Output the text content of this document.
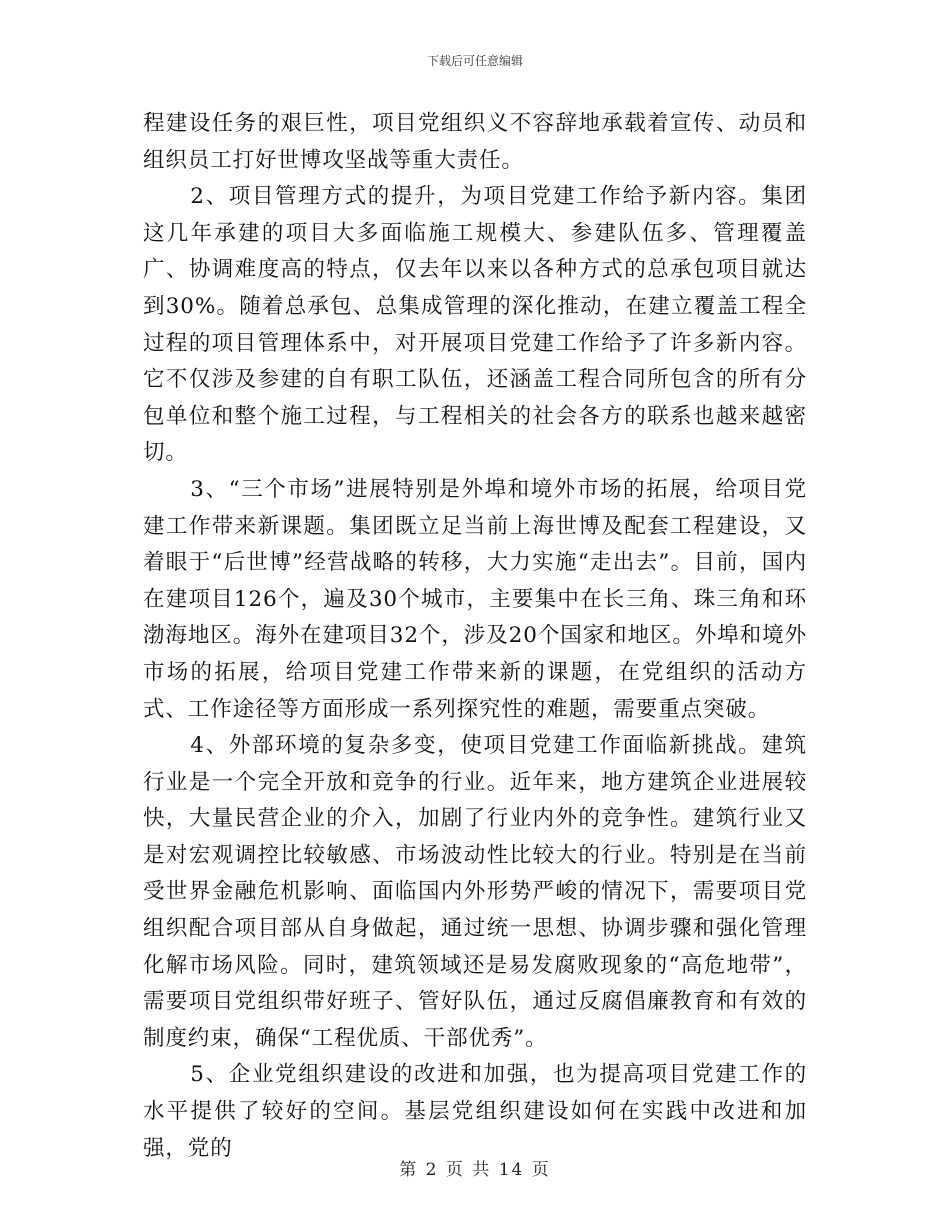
下载后可任意编辑

程建设任务的艰巨性，项目党组织义不容辞地承载着宣传、动员和组织员工打好世博攻坚战等重大责任。

2、项目管理方式的提升，为项目党建工作给予新内容。集团这几年承建的项目大多面临施工规模大、参建队伍多、管理覆盖广、协调难度高的特点，仅去年以来以各种方式的总承包项目就达到30%。随着总承包、总集成管理的深化推动，在建立覆盖工程全过程的项目管理体系中，对开展项目党建工作给予了许多新内容。它不仅涉及参建的自有职工队伍，还涵盖工程合同所包含的所有分包单位和整个施工过程，与工程相关的社会各方的联系也越来越密切。

3、“三个市场”进展特别是外埠和境外市场的拓展，给项目党建工作带来新课题。集团既立足当前上海世博及配套工程建设，又着眼于“后世博”经营战略的转移，大力实施“走出去”。目前，国内在建项目126个，遍及30个城市，主要集中在长三角、珠三角和环渤海地区。海外在建项目32个，涉及20个国家和地区。外埠和境外市场的拓展，给项目党建工作带来新的课题，在党组织的活动方式、工作途径等方面形成一系列探究性的难题，需要重点突破。

4、外部环境的复杂多变，使项目党建工作面临新挑战。建筑行业是一个完全开放和竞争的行业。近年来，地方建筑企业进展较快，大量民营企业的介入，加剧了行业内外的竞争性。建筑行业又是对宏观调控比较敏感、市场波动性比较大的行业。特别是在当前受世界金融危机影响、面临国内外形势严峻的情况下，需要项目党组织配合项目部从自身做起，通过统一思想、协调步骤和强化管理化解市场风险。同时，建筑领域还是易发腐败现象的“高危地带”，需要项目党组织带好班子、管好队伍，通过反腐倡廉教育和有效的制度约束，确保“工程优质、干部优秀”。

5、企业党组织建设的改进和加强，也为提高项目党建工作的水平提供了较好的空间。基层党组织建设如何在实践中改进和加强，党的

第 2 页 共 14 页
